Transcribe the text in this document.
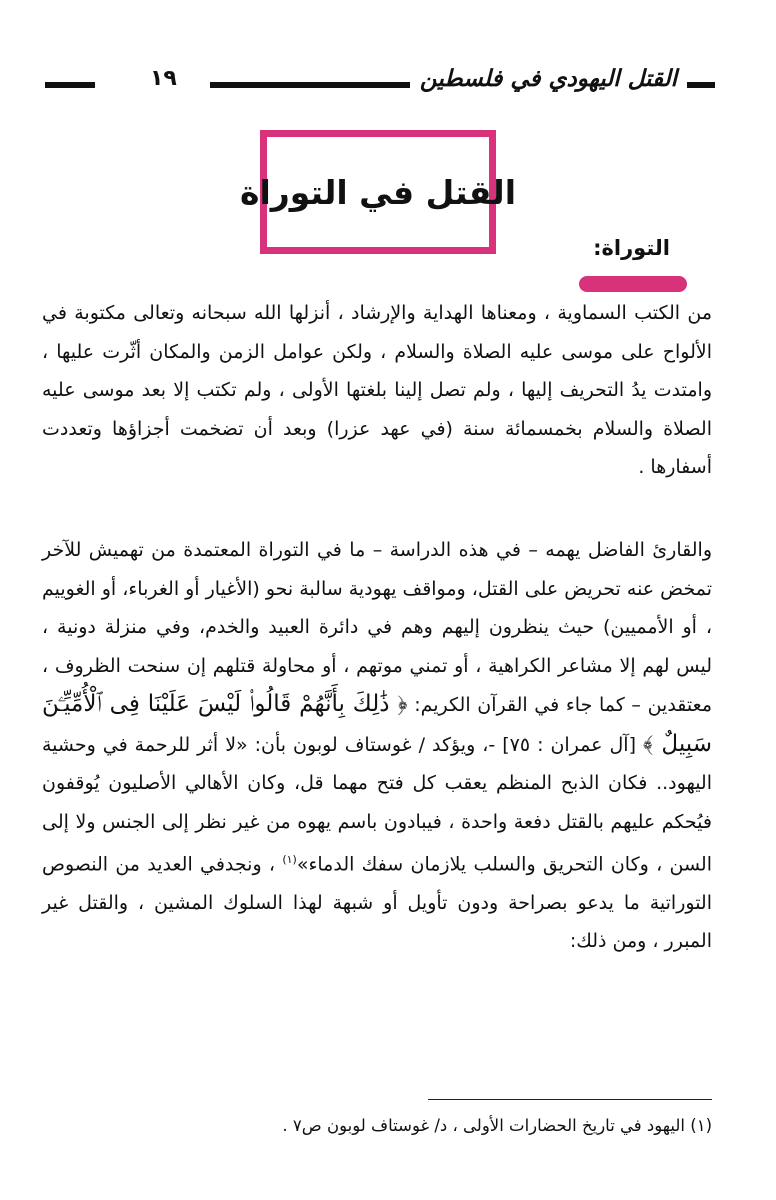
١٩	القتل اليهودي في فلسطين
القتل في التوراة
التوراة:
من الكتب السماوية ، ومعناها الهداية والإرشاد ، أنزلها الله سبحانه وتعالى مكتوبة في الألواح على موسى عليه الصلاة والسلام ، ولكن عوامل الزمن والمكان أثّرت عليها ، وامتدت يدُ التحريف إليها ، ولم تصل إلينا بلغتها الأولى ، ولم تكتب إلا بعد موسى عليه الصلاة والسلام بخمسمائة سنة (في عهد عزرا) وبعد أن تضخمت أجزاؤها وتعددت أسفارها .
والقارئ الفاضل يهمه – في هذه الدراسة – ما في التوراة المعتمدة من تهميش للآخر تمخض عنه تحريض على القتل، ومواقف يهودية سالبة نحو (الأغيار أو الغرباء، أو الغوييم ، أو الأمميين) حيث ينظرون إليهم وهم في دائرة العبيد والخدم، وفي منزلة دونية ، ليس لهم إلا مشاعر الكراهية ، أو تمني موتهم ، أو محاولة قتلهم إن سنحت الظروف ، معتقدين – كما جاء في القرآن الكريم: ﴿ ذَٰلِكَ بِأَنَّهُمْ قَالُوا۟ لَيْسَ عَلَيْنَا فِى ٱلْأُمِّيِّـۧنَ سَبِيلٌ ﴾ [آل عمران : ٧٥] -، ويؤكد / غوستاف لوبون بأن: «لا أثر للرحمة في وحشية اليهود.. فكان الذبح المنظم يعقب كل فتح مهما قل، وكان الأهالي الأصليون يُوقفون فيُحكم عليهم بالقتل دفعة واحدة ، فيبادون باسم يهوه من غير نظر إلى الجنس ولا إلى السن ، وكان التحريق والسلب يلازمان سفك الدماء»$^{(١)}$ ، ونجدفي العديد من النصوص التوراتية ما يدعو بصراحة ودون تأويل أو شبهة لهذا السلوك المشين ، والقتل غير المبرر ، ومن ذلك:
(١) اليهود في تاريخ الحضارات الأولى ، د/ غوستاف لوبون ص٧ .
